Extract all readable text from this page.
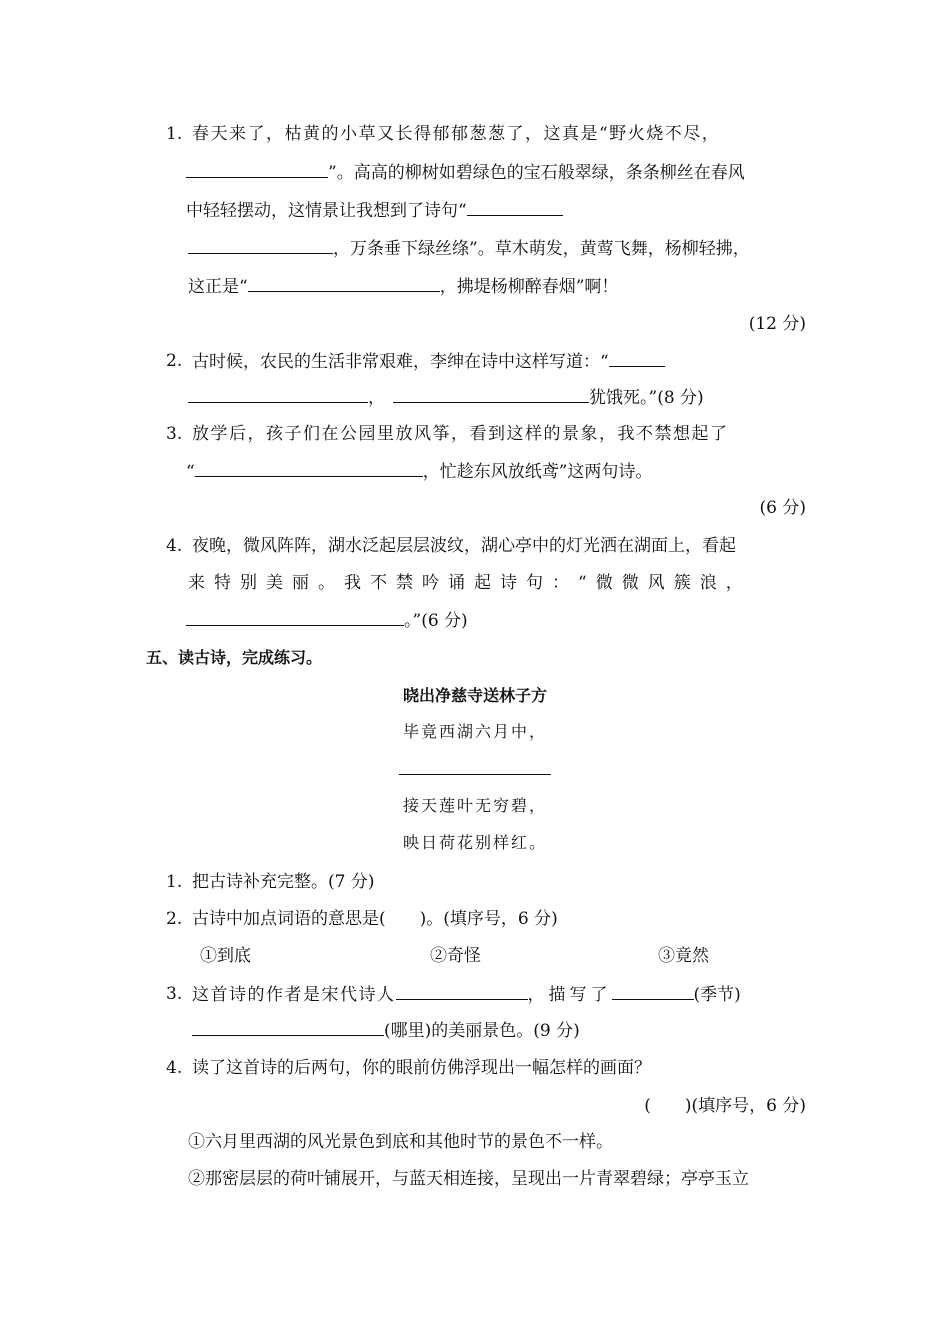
1. 春天来了，枯黄的小草又长得郁郁葱葱了，这真是“野火烧不尽，
”。高高的柳树如碧绿色的宝石般翠绿，条条柳丝在春风
中轻轻摆动，这情景让我想到了诗句“
，万条垂下绿丝绦”。草木萌发，黄莺飞舞，杨柳轻拂，
这正是“	，拂堤杨柳醉春烟”啊！
(12 分)
2. 古时候，农民的生活非常艰难，李绅在诗中这样写道：“
，	犹饿死。”(8 分)
3. 放学后，孩子们在公园里放风筝，看到这样的景象，我不禁想起了
“	，忙趁东风放纸鸢”这两句诗。
(6 分)
4. 夜晚，微风阵阵，湖水泛起层层波纹，湖心亭中的灯光洒在湖面上，看起
来特别美丽。我不禁吟诵起诗句：“微微风簇浪，
。”(6 分)
五、读古诗，完成练习。
晓出净慈寺送林子方
毕竟西湖六月中，
接天莲叶无穷碧，
映日荷花别样红。
1. 把古诗补充完整。(7 分)
2. 古诗中加点词语的意思是(　　)。(填序号，6 分)
①到底	②奇怪	③竟然
3. 这首诗的作者是宋代诗人	，描写了	(季节)
(哪里)的美丽景色。(9 分)
4. 读了这首诗的后两句，你的眼前仿佛浮现出一幅怎样的画面？
(　　)(填序号，6 分)
①六月里西湖的风光景色到底和其他时节的景色不一样。
②那密层层的荷叶铺展开，与蓝天相连接，呈现出一片青翠碧绿；亭亭玉立
